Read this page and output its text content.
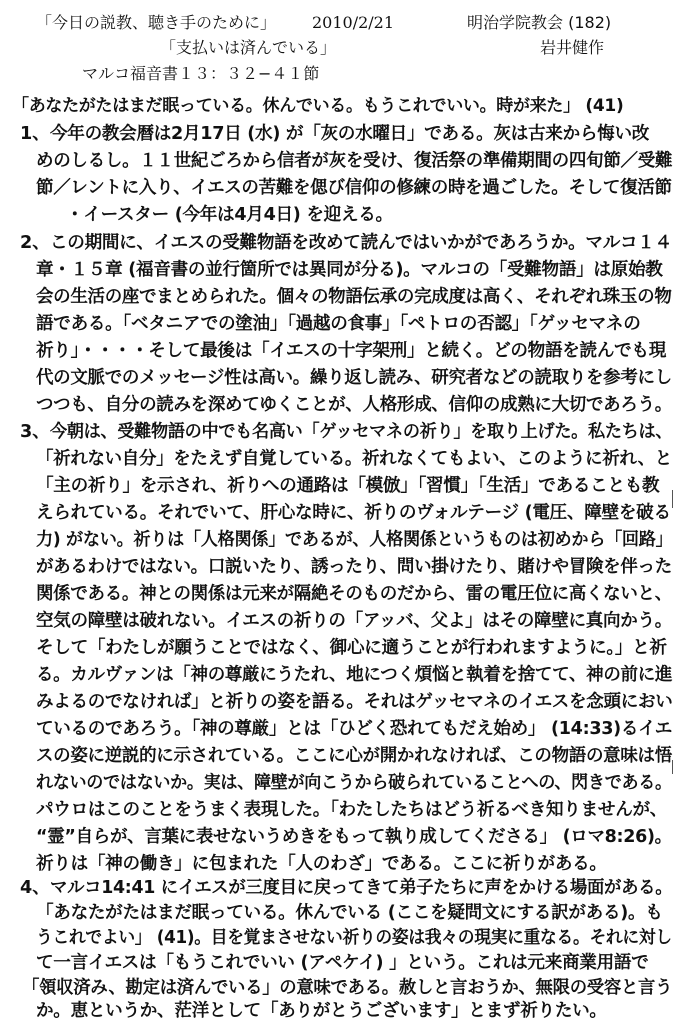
「今日の説教、聴き手のために」 2010/2/21	明治学院教会 (182)
「支払いは済んでいる」	岩井健作
マルコ福音書１３：３２−４１節
「あなたがたはまだ眠っている。休んでいる。もうこれでいい。時が来た」 (41)
1、 今年の教会暦は2月17日 (水) が「灰の水曜日」である。灰は古来から悔い改
めのしるし。１１世紀ごろから信者が灰を受け、復活祭の準備期間の四旬節／受難
節／レントに入り、イエスの苦難を偲び信仰の修練の時を過ごした。そして復活節
・イースター (今年は4月4日) を迎える。
2、 この期間に、イエスの受難物語を改めて読んではいかがであろうか。マルコ１４
章・１５章 (福音書の並行箇所では異同が分る)。マルコの「受難物語」は原始教
会の生活の座でまとめられた。個々の物語伝承の完成度は高く、それぞれ珠玉の物
語である。「ベタニアでの塗油」「過越の食事」「ペトロの否認」「ゲッセマネの
祈り」・・・・そして最後は「イエスの十字架刑」と続く。どの物語を読んでも現
代の文脈でのメッセージ性は高い。繰り返し読み、研究者などの読取りを参考にし
つつも、自分の読みを深めてゆくことが、人格形成、信仰の成熟に大切であろう。
3、 今朝は、受難物語の中でも名高い「ゲッセマネの祈り」を取り上げた。私たちは、
「祈れない自分」をたえず自覚している。祈れなくてもよい、このように祈れ、と
「主の祈り」を示され、祈りへの通路は「模倣」「習慣」「生活」であることも教
えられている。それでいて、肝心な時に、祈りのヴォルテージ (電圧、障壁を破る
力) がない。祈りは「人格関係」であるが、人格関係というものは初めから「回路」
があるわけではない。口説いたり、誘ったり、問い掛けたり、賭けや冒険を伴った
関係である。神との関係は元来が隔絶そのものだから、雷の電圧位に高くないと、
空気の障壁は破れない。イエスの祈りの「アッバ、父よ」はその障壁に真向かう。
そして「わたしが願うことではなく、御心に適うことが行われますように。」と祈
る。カルヴァンは「神の尊厳にうたれ、地につく煩悩と執着を捨てて、神の前に進
みよるのでなければ」と祈りの姿を語る。それはゲッセマネのイエスを念頭におい
ているのであろう。「神の尊厳」とは「ひどく恐れてもだえ始め」 (14:33)るイエ
スの姿に逆説的に示されている。ここに心が開かれなければ、この物語の意味は悟
れないのではないか。実は、障壁が向こうから破られていることへの、閃きである。
パウロはこのことをうまく表現した。「わたしたちはどう祈るべき知りませんが、
“霊”自らが、言葉に表せないうめきをもって執り成してくださる」 (ロマ8:26)。
祈りは「神の働き」に包まれた「人のわざ」である。ここに祈りがある。
4、 マルコ14:41 にイエスが三度目に戻ってきて弟子たちに声をかける場面がある。
「あなたがたはまだ眠っている。休んでいる (ここを疑問文にする訳がある)。も
うこれでよい」 (41)。目を覚まさせない祈りの姿は我々の現実に重なる。それに対し
て一言イエスは「もうこれでいい (アペケイ) 」という。これは元来商業用語で
「領収済み、勘定は済んでいる」の意味である。赦しと言おうか、無限の受容と言う
か。恵というか、茫洋として「ありがとうございます」とまず祈りたい。
